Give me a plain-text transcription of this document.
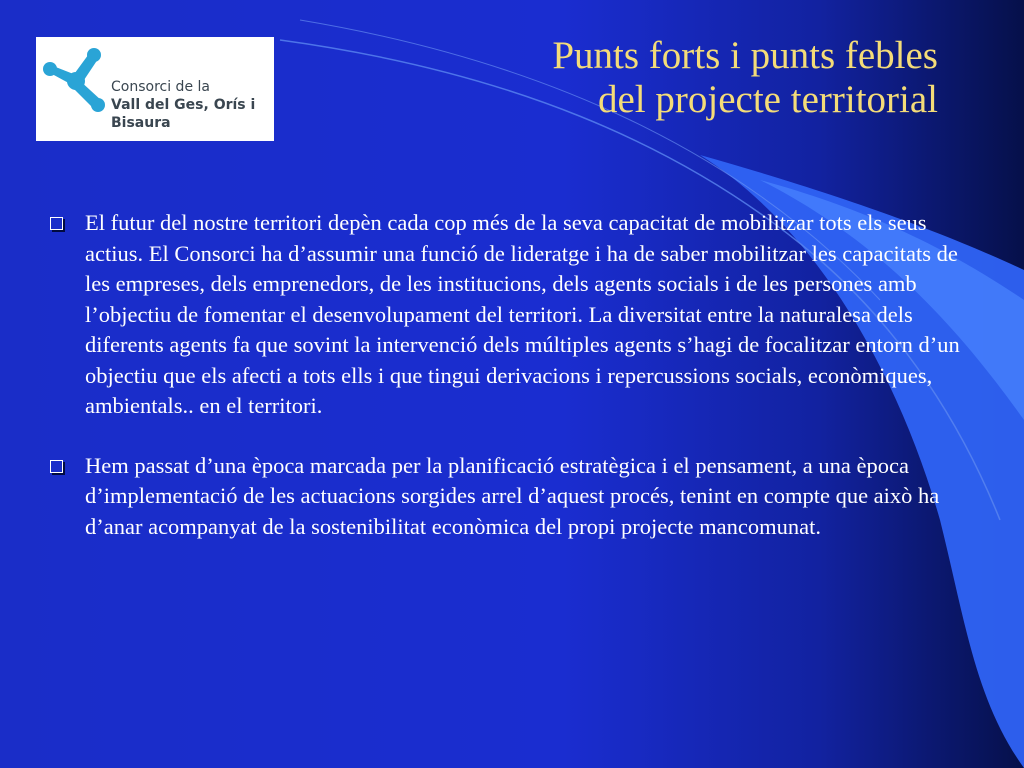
Consorci de la
Vall del Ges, Orís i
Bisaura
Punts forts i punts febles
del projecte territorial
El futur del nostre territori depèn cada cop més de la seva capacitat de mobilitzar tots els seus actius. El Consorci ha d’assumir una funció de lideratge i ha de saber mobilitzar les capacitats de les empreses, dels emprenedors, de les institucions, dels agents socials i de les persones amb l’objectiu de fomentar el desenvolupament del territori. La diversitat entre la naturalesa dels diferents agents fa que sovint la intervenció dels múltiples agents s’hagi de focalitzar entorn d’un objectiu que els afecti a tots ells i que tingui derivacions i repercussions socials, econòmiques, ambientals.. en el territori.
Hem passat d’una època marcada per la planificació estratègica i el pensament, a una època d’implementació de les actuacions sorgides arrel d’aquest procés, tenint en compte que això ha d’anar acompanyat de la sostenibilitat econòmica del propi projecte mancomunat.
